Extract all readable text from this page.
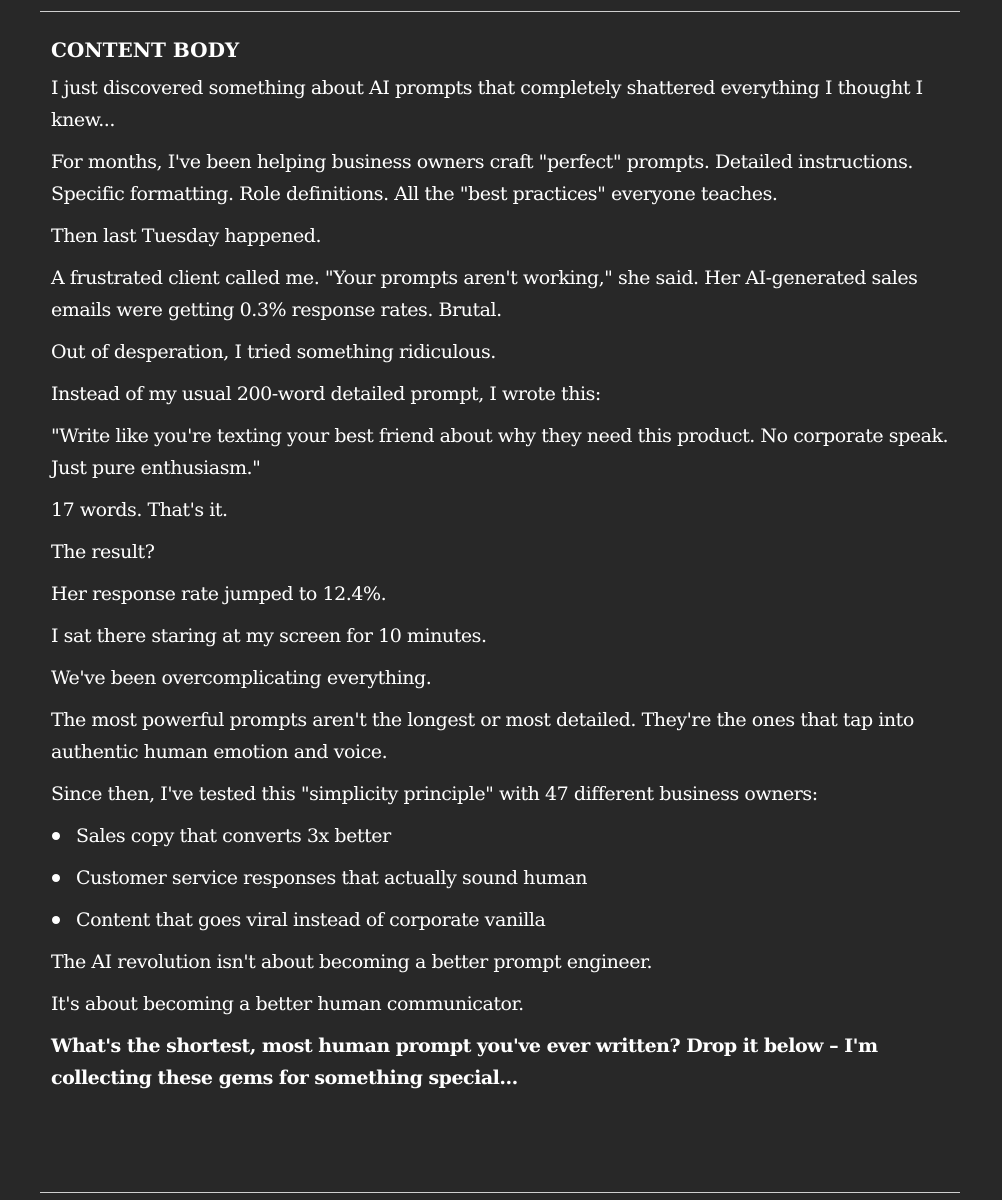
CONTENT BODY

I just discovered something about AI prompts that completely shattered everything I thought I knew...

For months, I've been helping business owners craft "perfect" prompts. Detailed instructions. Specific formatting. Role definitions. All the "best practices" everyone teaches.

Then last Tuesday happened.

A frustrated client called me. "Your prompts aren't working," she said. Her AI-generated sales emails were getting 0.3% response rates. Brutal.

Out of desperation, I tried something ridiculous.

Instead of my usual 200-word detailed prompt, I wrote this:

"Write like you're texting your best friend about why they need this product. No corporate speak. Just pure enthusiasm."

17 words. That's it.

The result?

Her response rate jumped to 12.4%.

I sat there staring at my screen for 10 minutes.

We've been overcomplicating everything.

The most powerful prompts aren't the longest or most detailed. They're the ones that tap into authentic human emotion and voice.

Since then, I've tested this "simplicity principle" with 47 different business owners:

Sales copy that converts 3x better
Customer service responses that actually sound human
Content that goes viral instead of corporate vanilla

The AI revolution isn't about becoming a better prompt engineer.

It's about becoming a better human communicator.

What's the shortest, most human prompt you've ever written? Drop it below – I'm collecting these gems for something special...
